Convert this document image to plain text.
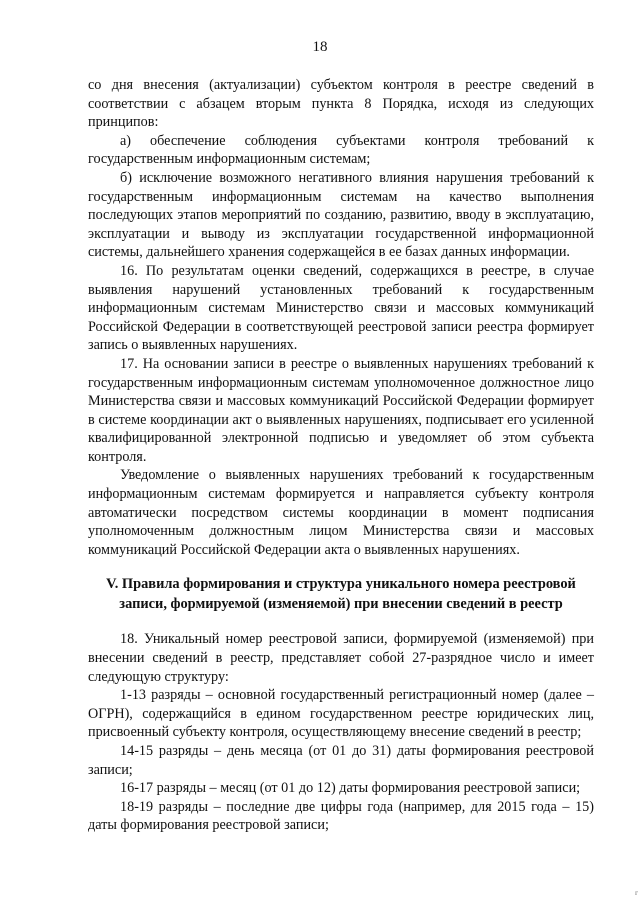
18

со дня внесения (актуализации) субъектом контроля в реестре сведений в соответствии с абзацем вторым пункта 8 Порядка, исходя из следующих принципов:

а) обеспечение соблюдения субъектами контроля требований к государственным информационным системам;

б) исключение возможного негативного влияния нарушения требований к государственным информационным системам на качество выполнения последующих этапов мероприятий по созданию, развитию, вводу в эксплуатацию, эксплуатации и выводу из эксплуатации государственной информационной системы, дальнейшего хранения содержащейся в ее базах данных информации.

16. По результатам оценки сведений, содержащихся в реестре, в случае выявления нарушений установленных требований к государственным информационным системам Министерство связи и массовых коммуникаций Российской Федерации в соответствующей реестровой записи реестра формирует запись о выявленных нарушениях.

17. На основании записи в реестре о выявленных нарушениях требований к государственным информационным системам уполномоченное должностное лицо Министерства связи и массовых коммуникаций Российской Федерации формирует в системе координации акт о выявленных нарушениях, подписывает его усиленной квалифицированной электронной подписью и уведомляет об этом субъекта контроля.

Уведомление о выявленных нарушениях требований к государственным информационным системам формируется и направляется субъекту контроля автоматически посредством системы координации в момент подписания уполномоченным должностным лицом Министерства связи и массовых коммуникаций Российской Федерации акта о выявленных нарушениях.

V. Правила формирования и структура уникального номера реестровой записи, формируемой (изменяемой) при внесении сведений в реестр

18. Уникальный номер реестровой записи, формируемой (изменяемой) при внесении сведений в реестр, представляет собой 27-разрядное число и имеет следующую структуру:

1-13 разряды – основной государственный регистрационный номер (далее – ОГРН), содержащийся в едином государственном реестре юридических лиц, присвоенный субъекту контроля, осуществляющему внесение сведений в реестр;

14-15 разряды – день месяца (от 01 до 31) даты формирования реестровой записи;

16-17 разряды – месяц (от 01 до 12) даты формирования реестровой записи;

18-19 разряды – последние две цифры года (например, для 2015 года – 15) даты формирования реестровой записи;

г
